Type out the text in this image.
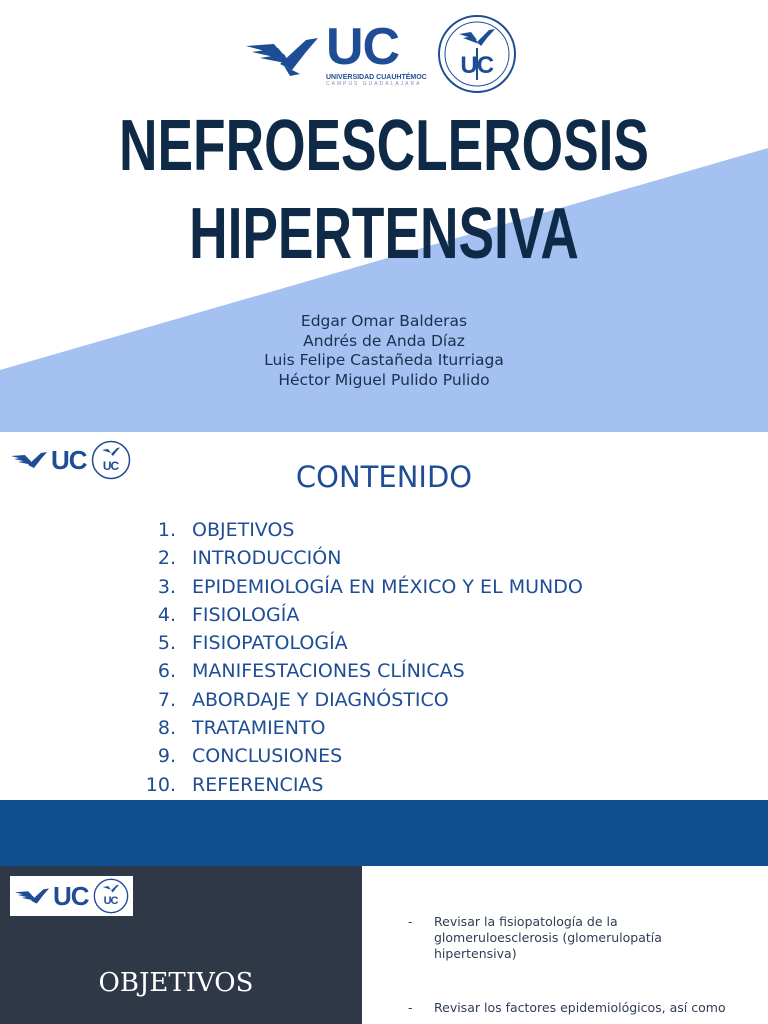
UC
UNIVERSIDAD CUAUHTÉMOC
CAMPUS GUADALAJARA
UC
NEFROESCLEROSIS
HIPERTENSIVA
Edgar Omar Balderas
Andrés de Anda Díaz
Luis Felipe Castañeda Iturriaga
Héctor Miguel Pulido Pulido
UC	UC	CONTENIDO
1. OBJETIVOS
2. INTRODUCCIÓN
3. EPIDEMIOLOGÍA EN MÉXICO Y EL MUNDO
4. FISIOLOGÍA
5. FISIOPATOLOGÍA
6. MANIFESTACIONES CLÍNICAS
7. ABORDAJE Y DIAGNÓSTICO
8. TRATAMIENTO
9. CONCLUSIONES
10. REFERENCIAS
UC	UC
OBJETIVOS
-	Revisar la fisiopatología de la glomeruloesclerosis (glomerulopatía hipertensiva)
-	Revisar los factores epidemiológicos, así como
